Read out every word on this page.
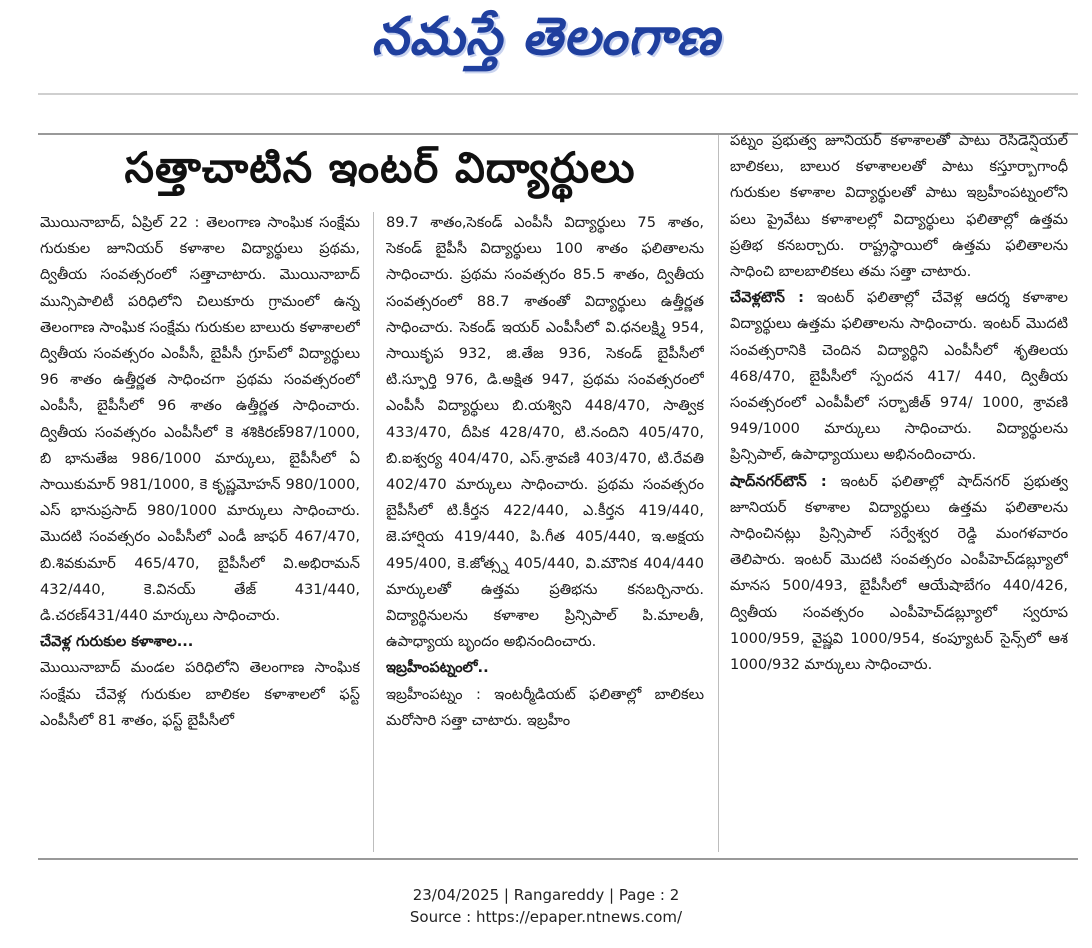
నమస్తే తెలంగాణ
సత్తాచాటిన ఇంటర్ విద్యార్థులు

మొయినాబాద్, ఏప్రిల్ 22 : తెలంగాణ సాంఘిక సంక్షేమ గురుకుల జూనియర్ కళాశాల విద్యార్థులు ప్రథమ, ద్వితీయ సంవత్సరంలో సత్తాచాటారు. మొయినాబాద్ మున్సిపాలిటీ పరిధిలోని చిలుకూరు గ్రామంలో ఉన్న తెలంగాణ సాంఘిక సంక్షేమ గురుకుల బాలురు కళాశాలలో ద్వితీయ సంవత్సరం ఎంపీసీ, బైపీసీ గ్రూప్‌లో విద్యార్థులు 96 శాతం ఉత్తీర్ణత సాధించగా ప్రథమ సంవత్సరంలో ఎంపీసీ, బైపీసీలో 96 శాతం ఉత్తీర్ణత సాధించారు. ద్వితీయ సంవత్సరం ఎంపీసీలో కె శశికిరణ్987/1000, బి భానుతేజ 986/1000 మార్కులు, బైపీసీలో ఏ సాయికుమార్ 981/1000, కె కృష్ణమోహన్ 980/1000, ఎస్ భానుప్రసాద్ 980/1000 మార్కులు సాధించారు. మొదటి సంవత్సరం ఎంపీసీలో ఎండీ జాఫర్ 467/470, బి.శివకుమార్ 465/470, బైపీసీలో వి.అభిరామన్ 432/440, కె.వినయ్ తేజ్ 431/440, డి.చరణ్431/440 మార్కులు సాధించారు.

చేవెళ్ల గురుకుల కళాశాల...

మొయినాబాద్ మండల పరిధిలోని తెలంగాణ సాంఘిక సంక్షేమ చేవెళ్ల గురుకుల బాలికల కళాశాలలో ఫస్ట్ ఎంపీసీలో 81 శాతం, ఫస్ట్ బైపీసీలో

89.7 శాతం,సెకండ్ ఎంపీసీ విద్యార్థులు 75 శాతం, సెకండ్ బైపీసీ విద్యార్థులు 100 శాతం ఫలితాలను సాధించారు. ప్రథమ సంవత్సరం 85.5 శాతం, ద్వితీయ సంవత్సరంలో 88.7 శాతంతో విద్యార్థులు ఉత్తీర్ణత సాధించారు. సెకండ్ ఇయర్ ఎంపీసీలో వి.ధనలక్ష్మి 954, సాయికృప 932, జి.తేజ 936, సెకండ్ బైపీసీలో టి.స్ఫూర్తి 976, డి.అక్షిత 947, ప్రథమ సంవత్సరంలో ఎంపీసీ విద్యార్థులు బి.యశ్విని 448/470, సాత్విక 433/470, దీపిక 428/470, టి.నందిని 405/470, బి.ఐశ్వర్య 404/470, ఎస్.శ్రావణి 403/470, టి.రేవతి 402/470 మార్కులు సాధించారు. ప్రథమ సంవత్సరం బైపీసీలో టి.కీర్తన 422/440, ఎ.కీర్తన 419/440, జె.హార్షియ 419/440, పి.గీత 405/440, ఇ.అక్షయ 495/400, కె.జోత్స్న 405/440, వి.మౌనిక 404/440 మార్కులతో ఉత్తమ ప్రతిభను కనబర్చినారు. విద్యార్థినులను కళాశాల ప్రిన్సిపాల్ పి.మాలతీ, ఉపాధ్యాయ బృందం అభినందించారు.

ఇబ్రహీంపట్నంలో..

ఇబ్రహీంపట్నం : ఇంటర్మీడియట్ ఫలితాల్లో బాలికలు మరోసారి సత్తా చాటారు. ఇబ్రహీం

పట్నం ప్రభుత్వ జూనియర్ కళాశాలతో పాటు రెసిడెన్షియల్ బాలికలు, బాలుర కళాశాలలతో పాటు కస్తూర్బాగాంధీ గురుకుల కళాశాల విద్యార్థులతో పాటు ఇబ్రహీంపట్నంలోని పలు ప్రైవేటు కళాశాలల్లో విద్యార్థులు ఫలితాల్లో ఉత్తమ ప్రతిభ కనబర్చారు. రాష్ట్రస్థాయిలో ఉత్తమ ఫలితాలను సాధించి బాలబాలికలు తమ సత్తా చాటారు.

చేవెళ్లటౌన్ : ఇంటర్ ఫలితాల్లో చేవెళ్ల ఆదర్శ కళాశాల విద్యార్థులు ఉత్తమ ఫలితాలను సాధించారు. ఇంటర్ మొదటి సంవత్సరానికి చెందిన విద్యార్థిని ఎంపీసీలో శృతిలయ 468/470, బైపీసీలో స్పందన 417/ 440, ద్వితీయ సంవత్సరంలో ఎంపీపీలో సర్బాజీత్ 974/ 1000, శ్రావణి 949/1000 మార్కులు సాధించారు. విద్యార్థులను ప్రిన్సిపాల్, ఉపాధ్యాయులు అభినందించారు.

షాద్‌నగర్‌టౌన్ : ఇంటర్ ఫలితాల్లో షాద్‌నగర్ ప్రభుత్వ జూనియర్ కళాశాల విద్యార్థులు ఉత్తమ ఫలితాలను సాధించినట్లు ప్రిన్సిపాల్ సర్వేశ్వర రెడ్డి మంగళవారం తెలిపారు. ఇంటర్ మొదటి సంవత్సరం ఎంపీహెచ్‌డబ్ల్యూలో మానస 500/493, బైపీసీలో ఆయేషాబేగం 440/426, ద్వితీయ సంవత్సరం ఎంపీహెచ్‌డబ్ల్యూలో స్వరూప 1000/959, వైష్ణవి 1000/954, కంప్యూటర్ సైన్స్‌లో ఆశ 1000/932 మార్కులు సాధించారు.

23/04/2025 | Rangareddy | Page : 2
Source : https://epaper.ntnews.com/
